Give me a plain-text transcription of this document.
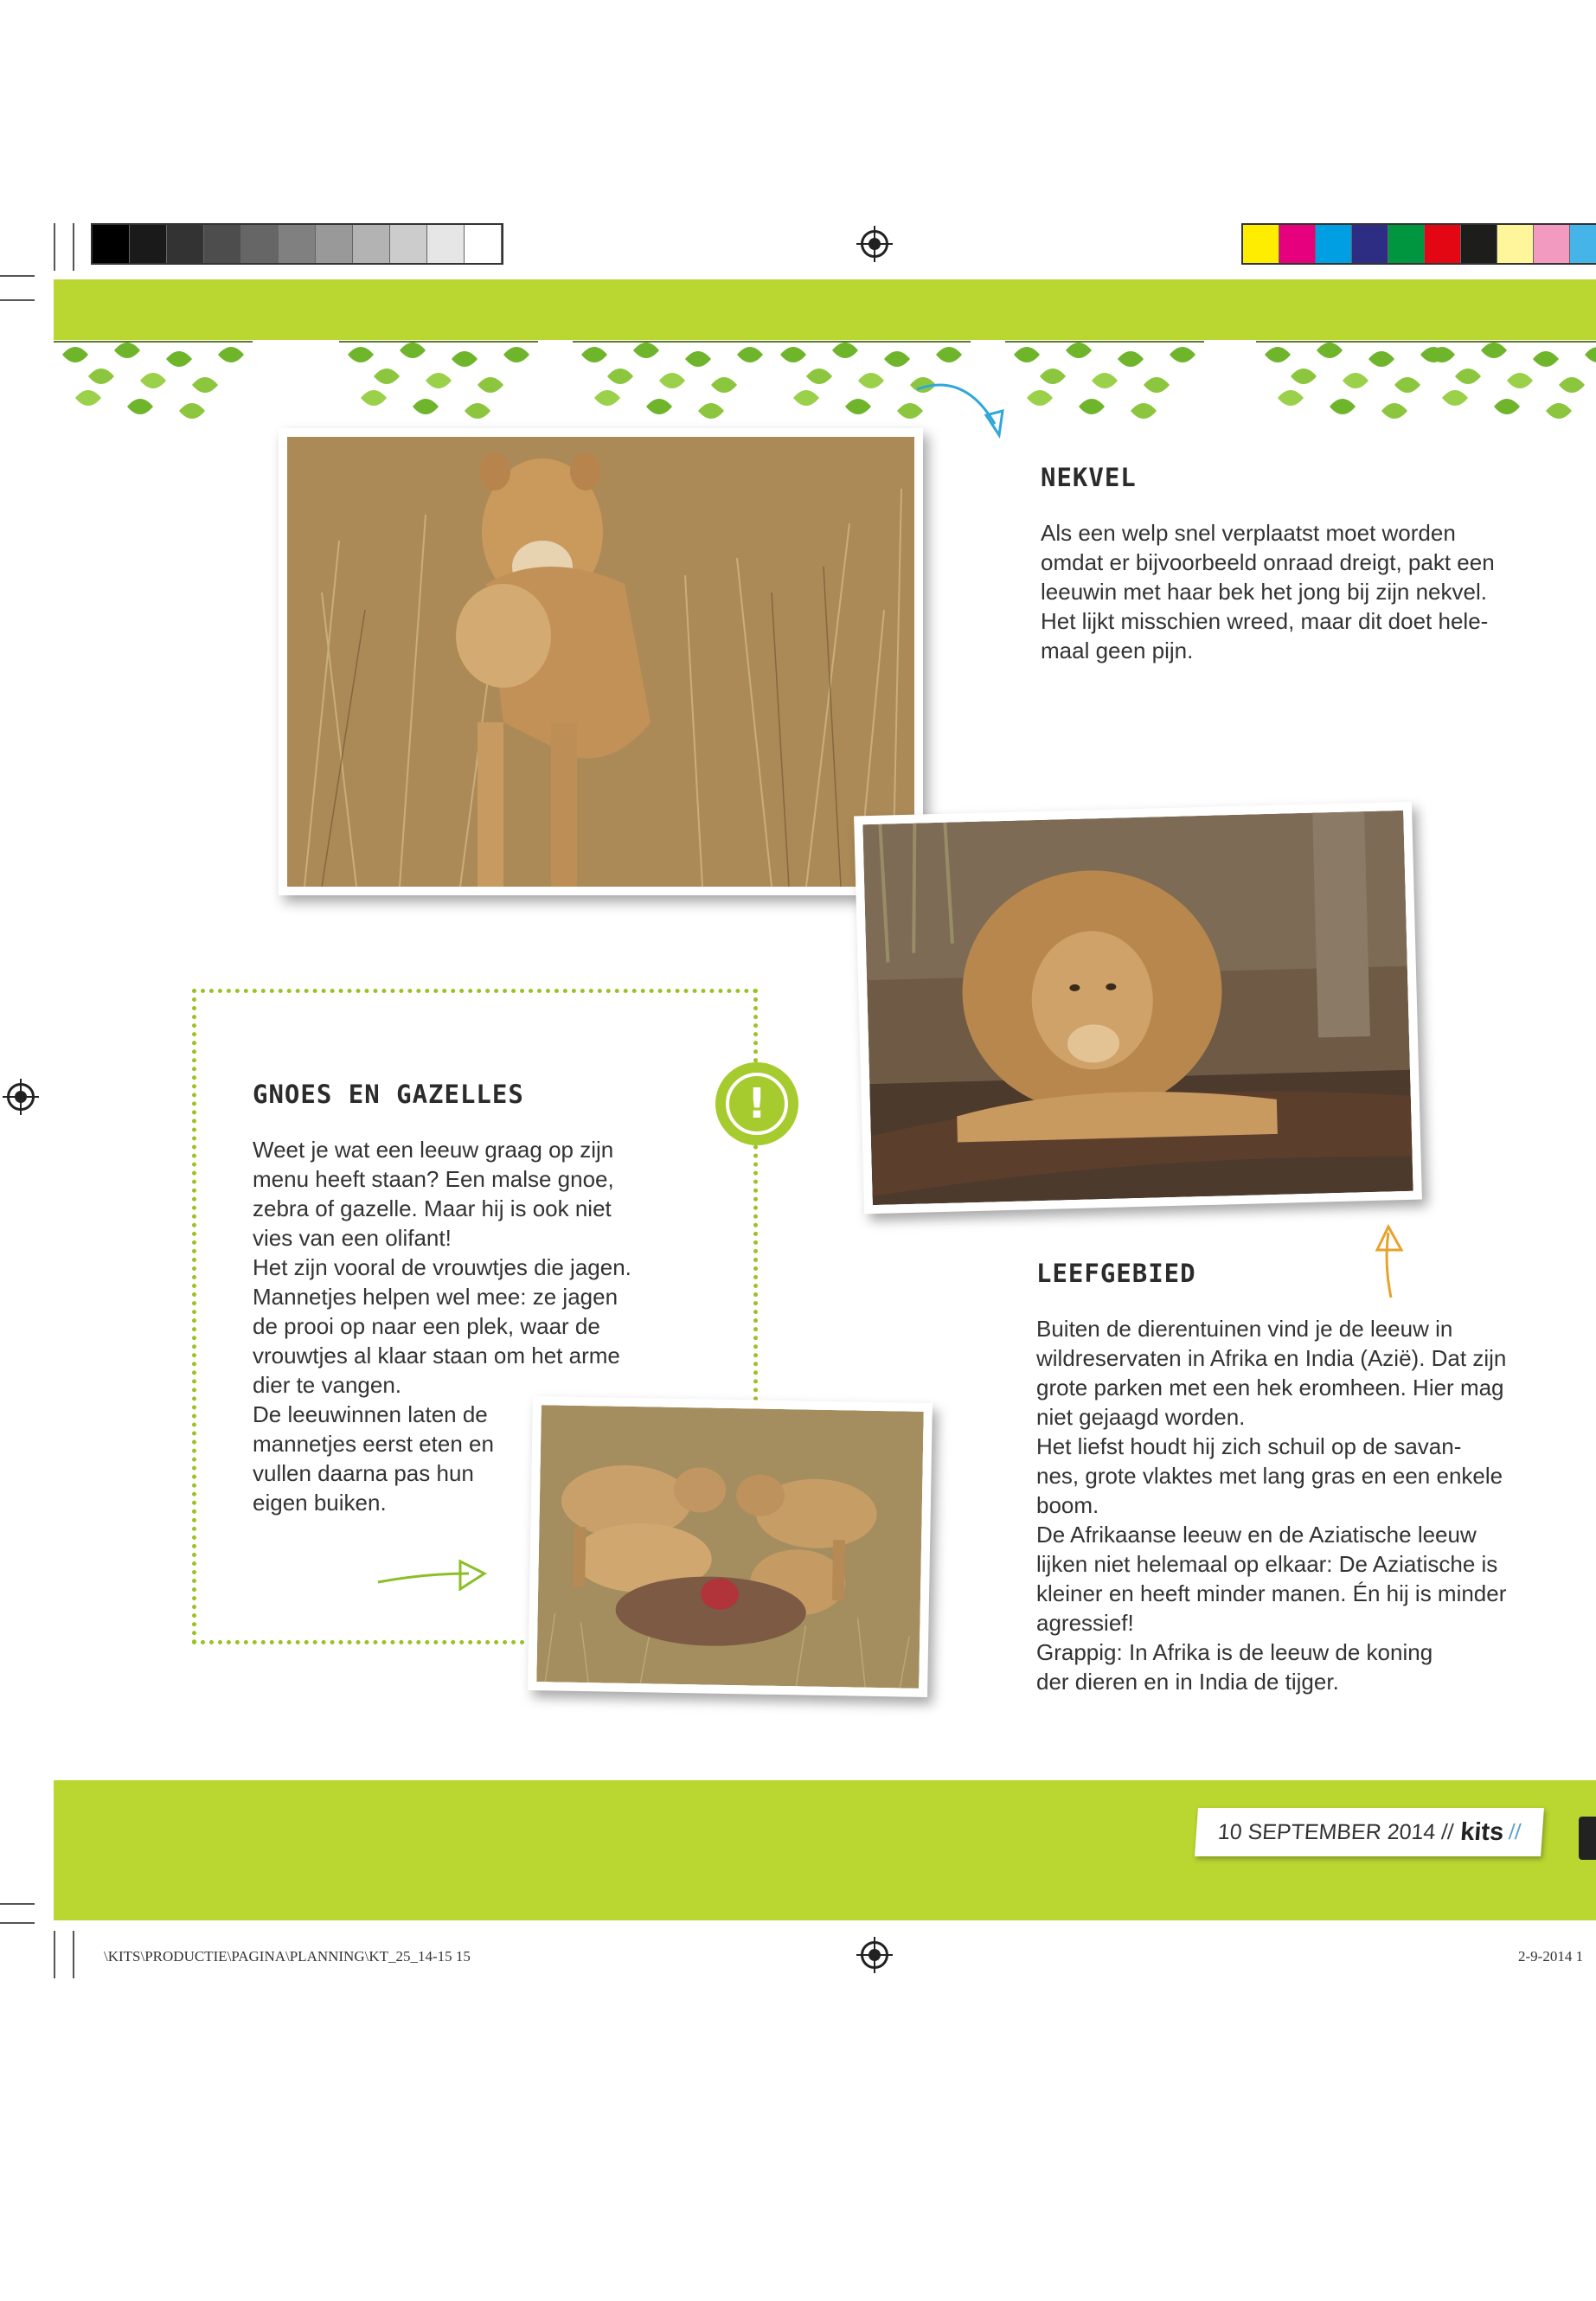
NEKVEL

Als een welp snel verplaatst moet worden
omdat er bijvoorbeeld onraad dreigt, pakt een
leeuwin met haar bek het jong bij zijn nekvel.
Het lijkt misschien wreed, maar dit doet hele-
maal geen pijn.

!
GNOES EN GAZELLES

Weet je wat een leeuw graag op zijn
menu heeft staan? Een malse gnoe,
zebra of gazelle. Maar hij is ook niet
vies van een olifant!
Het zijn vooral de vrouwtjes die jagen.
Mannetjes helpen wel mee: ze jagen
de prooi op naar een plek, waar de
vrouwtjes al klaar staan om het arme
dier te vangen.
De leeuwinnen laten de
mannetjes eerst eten en
vullen daarna pas hun
eigen buiken.

LEEFGEBIED

Buiten de dierentuinen vind je de leeuw in
wildreservaten in Afrika en India (Azië). Dat zijn
grote parken met een hek eromheen. Hier mag
niet gejaagd worden.
Het liefst houdt hij zich schuil op de savan-
nes, grote vlaktes met lang gras en een enkele
boom.
De Afrikaanse leeuw en de Aziatische leeuw
lijken niet helemaal op elkaar: De Aziatische is
kleiner en heeft minder manen. Én hij is minder
agressief!
Grappig: In Afrika is de leeuw de koning
der dieren en in India de tijger.

10 SEPTEMBER 2014 // kits //
\KITS\PRODUCTIE\PAGINA\PLANNING\KT_25_14-15 15	2-9-2014 1
